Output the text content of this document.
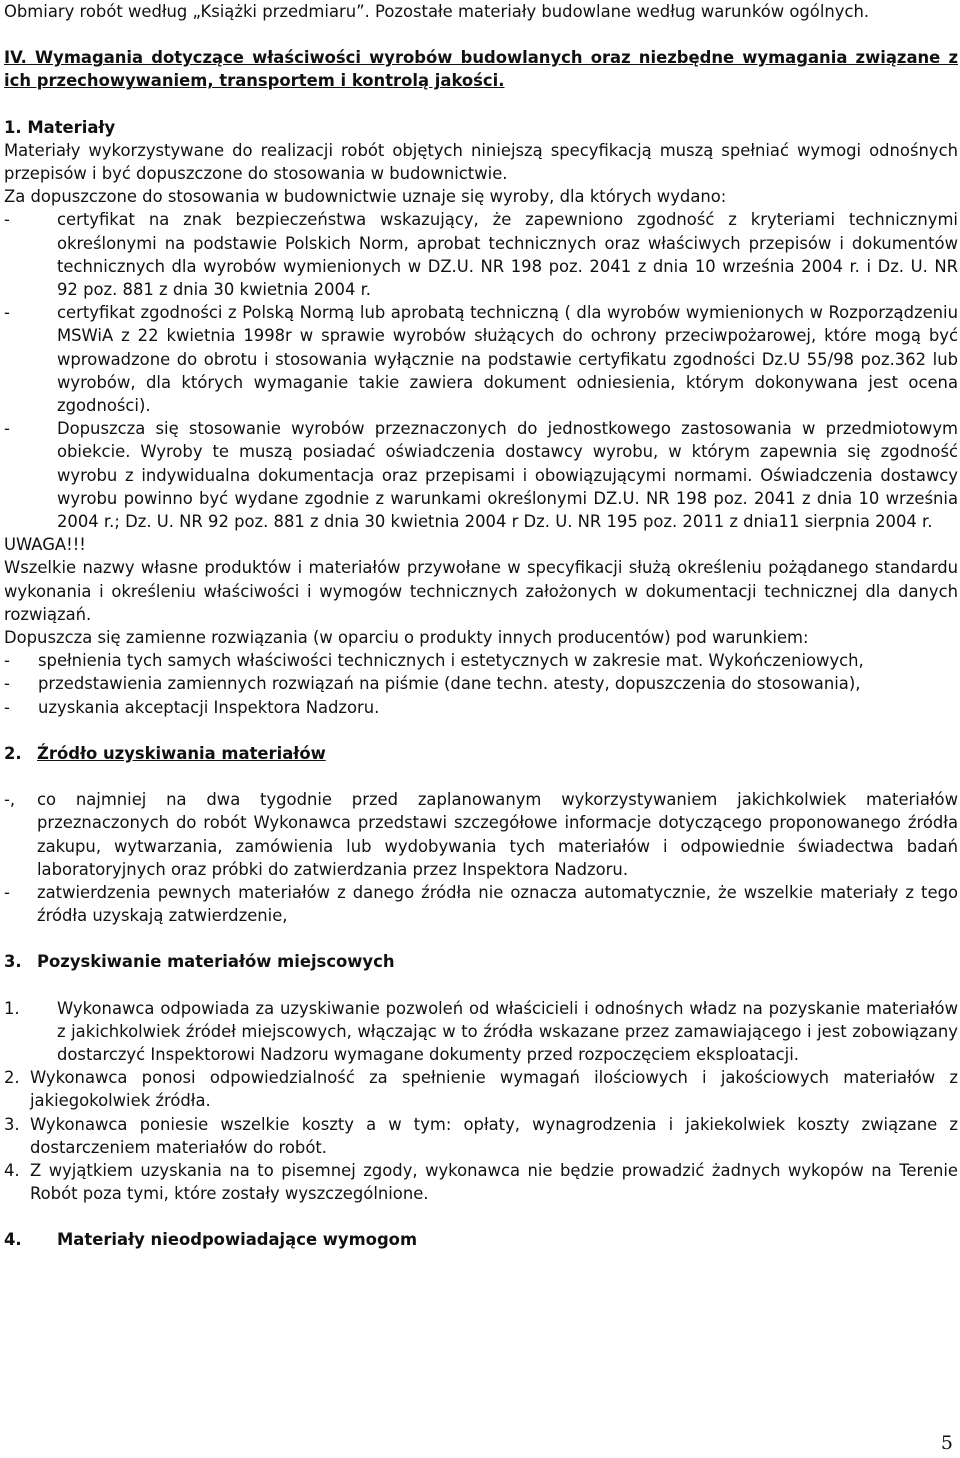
Obmiary robót według „Książki przedmiaru”. Pozostałe materiały budowlane według warunków ogólnych.

IV. Wymagania dotyczące właściwości wyrobów budowlanych oraz niezbędne wymagania związane z ich przechowywaniem, transportem i kontrolą jakości.

1. Materiały

Materiały wykorzystywane do realizacji robót objętych niniejszą specyfikacją muszą spełniać wymogi odnośnych przepisów i być dopuszczone do stosowania w budownictwie.

Za dopuszczone do stosowania w budownictwie uznaje się wyroby, dla których wydano:

-	certyfikat na znak bezpieczeństwa wskazujący, że zapewniono zgodność z kryteriami technicznymi określonymi na podstawie Polskich Norm, aprobat technicznych oraz właściwych przepisów i dokumentów technicznych dla wyrobów wymienionych w DZ.U. NR 198 poz. 2041 z dnia 10 września 2004 r. i Dz. U. NR 92 poz. 881 z dnia 30 kwietnia 2004 r.
-	certyfikat zgodności z Polską Normą lub aprobatą techniczną ( dla wyrobów wymienionych w Rozporządzeniu MSWiA z 22 kwietnia 1998r w sprawie wyrobów służących do ochrony przeciwpożarowej, które mogą być wprowadzone do obrotu i stosowania wyłącznie na podstawie certyfikatu zgodności Dz.U 55/98 poz.362 lub wyrobów, dla których wymaganie takie zawiera dokument odniesienia, którym dokonywana jest ocena zgodności).
-	Dopuszcza się stosowanie wyrobów przeznaczonych do jednostkowego zastosowania w przedmiotowym obiekcie. Wyroby te muszą posiadać oświadczenia dostawcy wyrobu, w którym zapewnia się zgodność wyrobu z indywidualna dokumentacja oraz przepisami i obowiązującymi normami. Oświadczenia dostawcy wyrobu powinno być wydane zgodnie z warunkami określonymi DZ.U. NR 198 poz. 2041 z dnia 10 września 2004 r.; Dz. U. NR 92 poz. 881 z dnia 30 kwietnia 2004 r Dz. U. NR 195 poz. 2011 z dnia11 sierpnia 2004 r.

UWAGA!!!

Wszelkie nazwy własne produktów i materiałów przywołane w specyfikacji służą określeniu pożądanego standardu wykonania i określeniu właściwości i wymogów technicznych założonych w dokumentacji technicznej dla danych rozwiązań.

Dopuszcza się zamienne rozwiązania (w oparciu o produkty innych producentów) pod warunkiem:

-	spełnienia tych samych właściwości technicznych i estetycznych w zakresie mat. Wykończeniowych,
-	przedstawienia zamiennych rozwiązań na piśmie (dane techn. atesty, dopuszczenia do stosowania),
-	uzyskania akceptacji Inspektora Nadzoru.
2. Źródło uzyskiwania materiałów
-,	co najmniej na dwa tygodnie przed zaplanowanym wykorzystywaniem jakichkolwiek materiałów przeznaczonych do robót Wykonawca przedstawi szczegółowe informacje dotyczącego proponowanego źródła zakupu, wytwarzania, zamówienia lub wydobywania tych materiałów i odpowiednie świadectwa badań laboratoryjnych oraz próbki do zatwierdzania przez Inspektora Nadzoru.
-	zatwierdzenia pewnych materiałów z danego źródła nie oznacza automatycznie, że wszelkie materiały z tego źródła uzyskają zatwierdzenie,
3. Pozyskiwanie materiałów miejscowych
1.	Wykonawca odpowiada za uzyskiwanie pozwoleń od właścicieli i odnośnych władz na pozyskanie materiałów z jakichkolwiek źródeł miejscowych, włączając w to źródła wskazane przez zamawiającego i jest zobowiązany dostarczyć Inspektorowi Nadzoru wymagane dokumenty przed rozpoczęciem eksploatacji.
2. Wykonawca ponosi odpowiedzialność za spełnienie wymagań ilościowych i jakościowych materiałów z jakiegokolwiek źródła.
3. Wykonawca poniesie wszelkie koszty a w tym: opłaty, wynagrodzenia i jakiekolwiek koszty związane z dostarczeniem materiałów do robót.
4. Z wyjątkiem uzyskania na to pisemnej zgody, wykonawca nie będzie prowadzić żadnych wykopów na Terenie Robót poza tymi, które zostały wyszczególnione.
4.	Materiały nieodpowiadające wymogom
5
